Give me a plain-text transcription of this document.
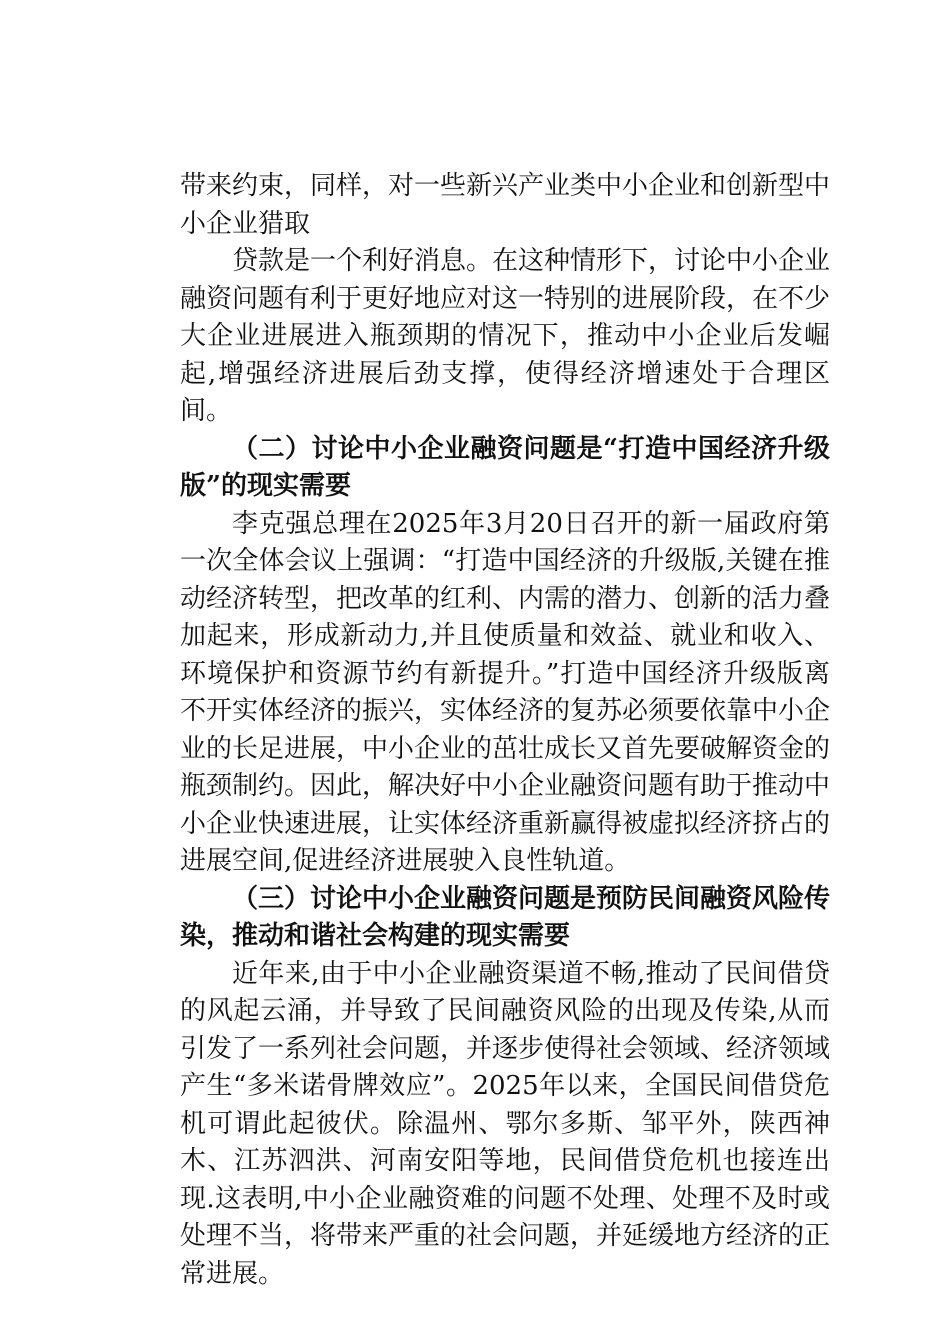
带来约束，同样，对一些新兴产业类中小企业和创新型中小企业猎取

贷款是一个利好消息。在这种情形下，讨论中小企业融资问题有利于更好地应对这一特别的进展阶段，在不少大企业进展进入瓶颈期的情况下，推动中小企业后发崛起,增强经济进展后劲支撑，使得经济增速处于合理区间。

（二）讨论中小企业融资问题是“打造中国经济升级版”的现实需要

李克强总理在2025年3月20日召开的新一届政府第一次全体会议上强调：“打造中国经济的升级版,关键在推动经济转型，把改革的红利、内需的潜力、创新的活力叠加起来，形成新动力,并且使质量和效益、就业和收入、环境保护和资源节约有新提升。”打造中国经济升级版离不开实体经济的振兴，实体经济的复苏必须要依靠中小企业的长足进展，中小企业的茁壮成长又首先要破解资金的瓶颈制约。因此，解决好中小企业融资问题有助于推动中小企业快速进展，让实体经济重新赢得被虚拟经济挤占的进展空间,促进经济进展驶入良性轨道。

（三）讨论中小企业融资问题是预防民间融资风险传染，推动和谐社会构建的现实需要

近年来,由于中小企业融资渠道不畅,推动了民间借贷的风起云涌，并导致了民间融资风险的出现及传染,从而引发了一系列社会问题，并逐步使得社会领域、经济领域产生“多米诺骨牌效应”。2025年以来，全国民间借贷危机可谓此起彼伏。除温州、鄂尔多斯、邹平外，陕西神木、江苏泗洪、河南安阳等地，民间借贷危机也接连出现.这表明,中小企业融资难的问题不处理、处理不及时或处理不当，将带来严重的社会问题，并延缓地方经济的正常进展。
